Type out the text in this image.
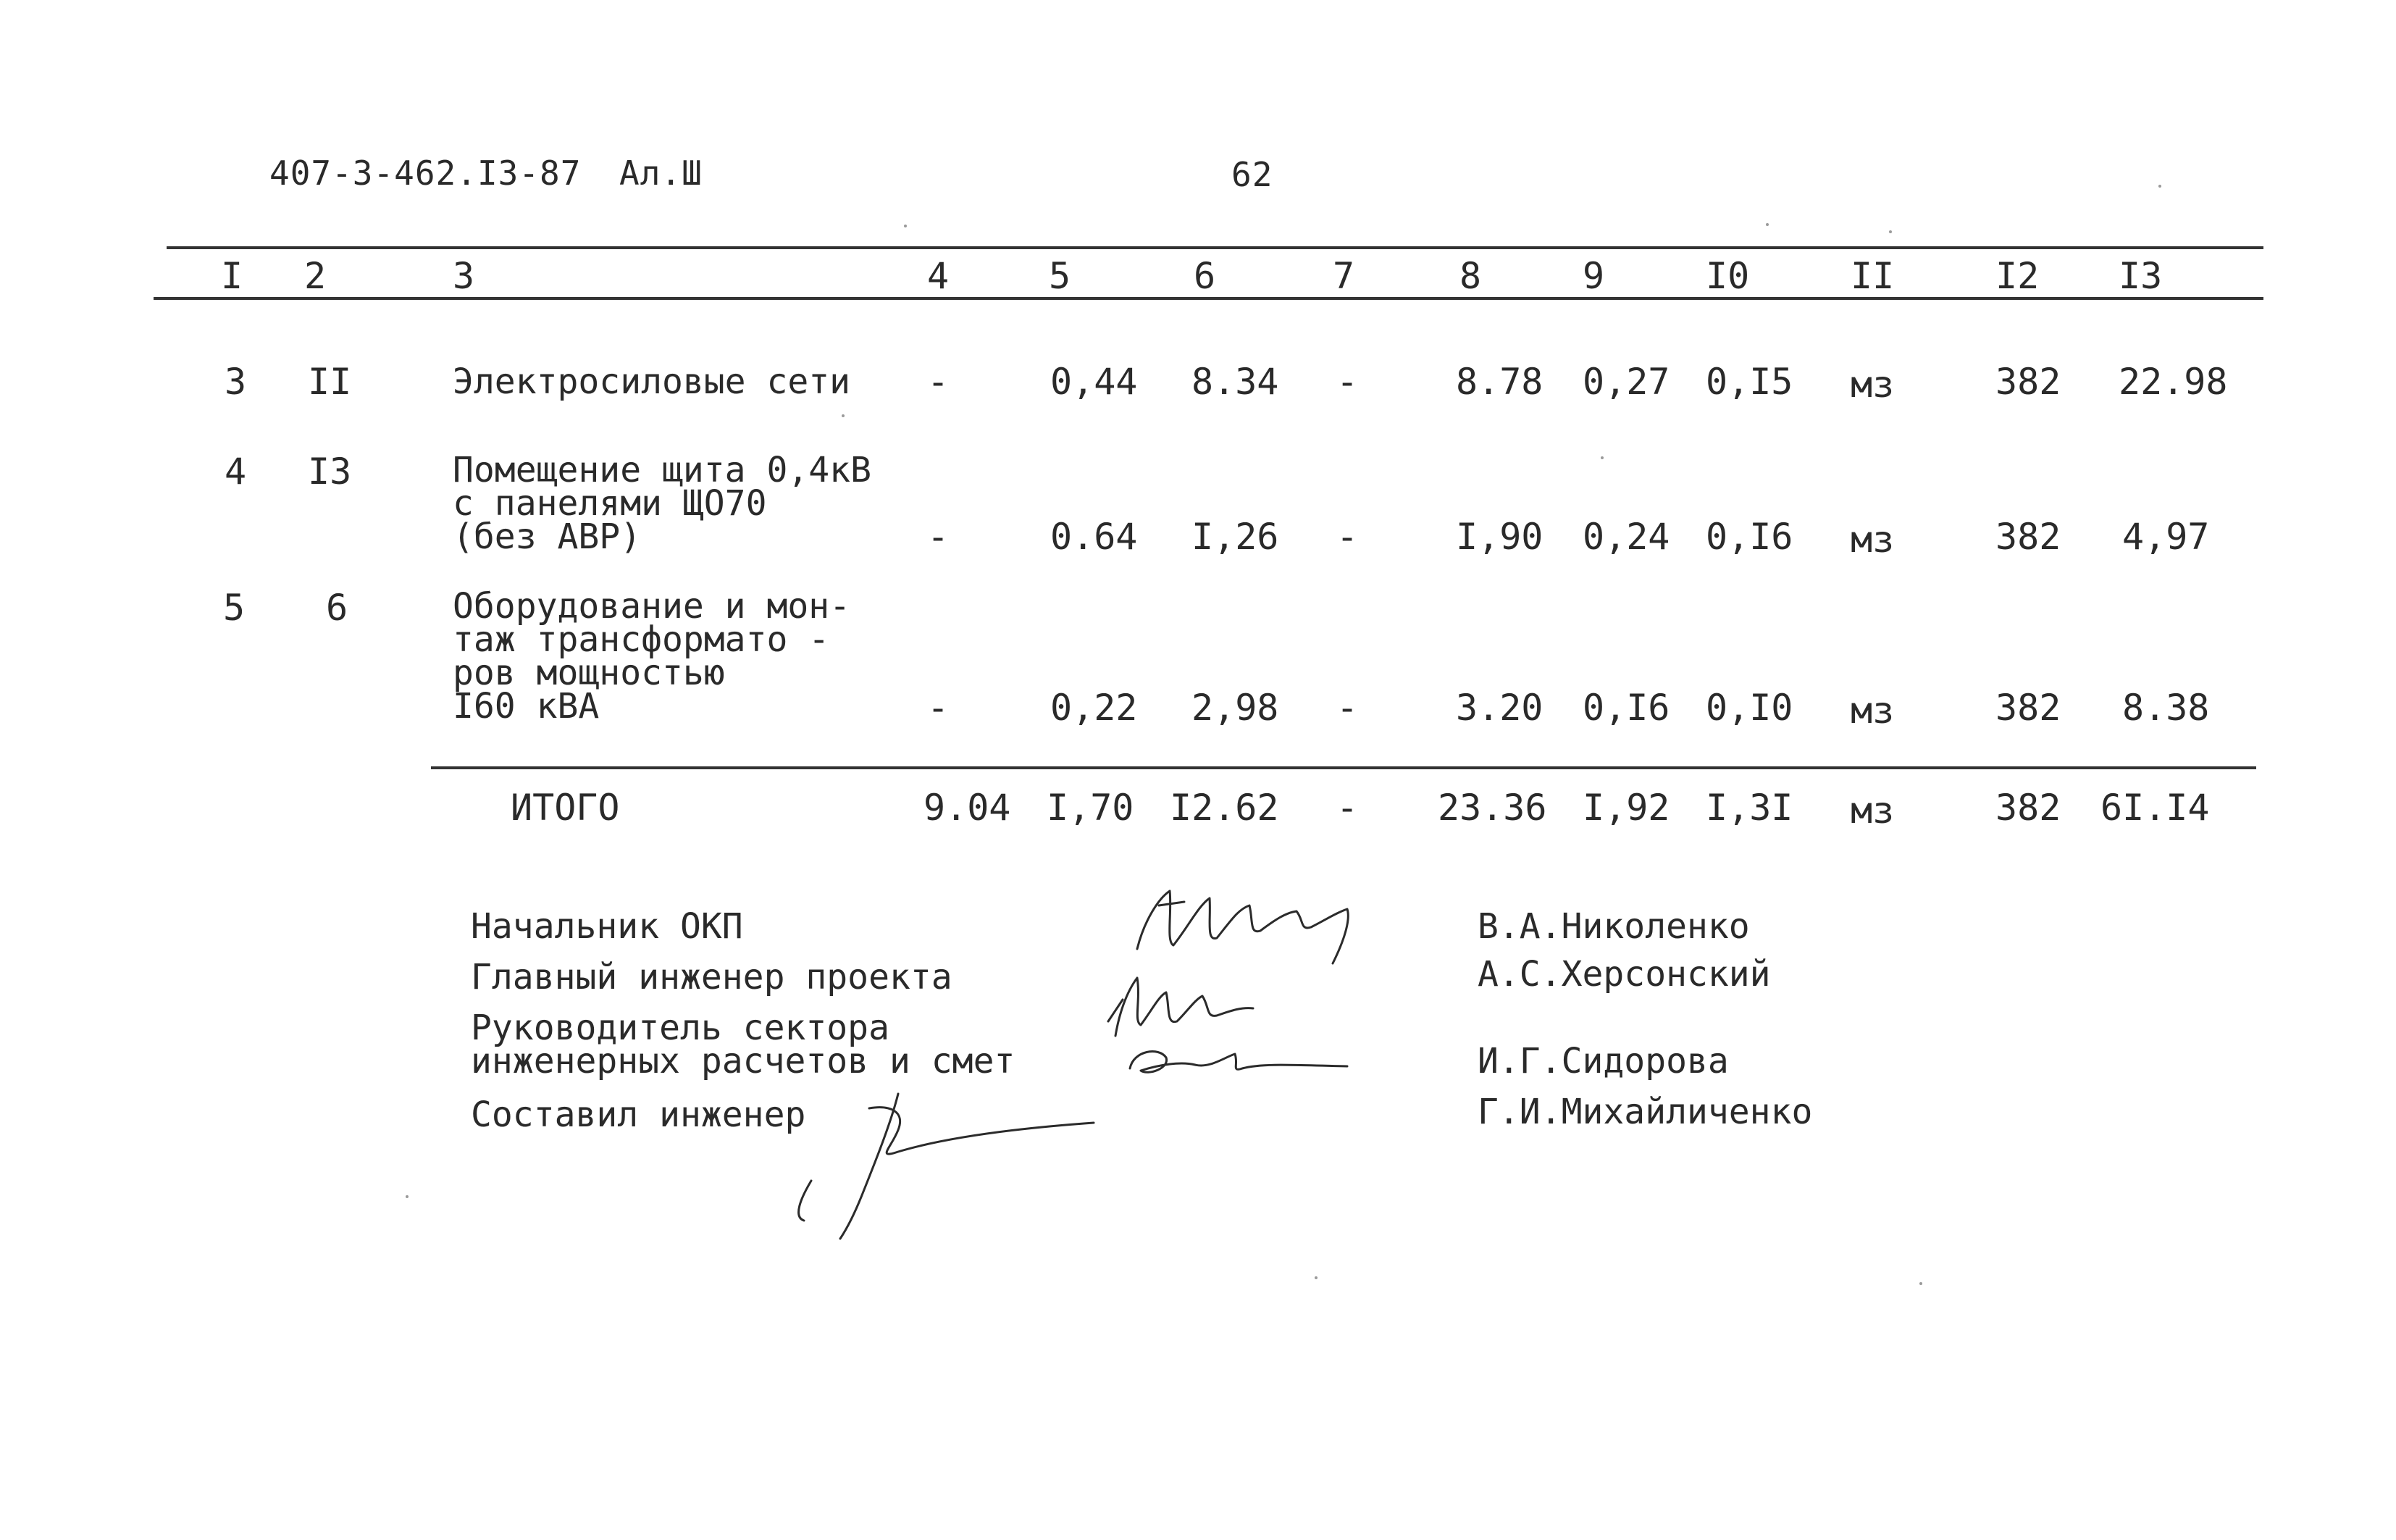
407-3-462.I3-87 Ал.Ш	62
I 2	3	4	5	6	7	8	9	I0	II	I2 I3
3 II	Электросиловые сети -	0,44 8.34 -	8.78 0,27 0,I5 мз	382 22.98
4 I3	Помещение щита 0,4кВ
с панелями ЩО70
(без АВР)	-	0.64 I,26 -	I,90 0,24 0,I6 мз	382 4,97
5 6	Оборудование и мон-
таж трансформато -
ров мощностью
I60 кВА	-	0,22 2,98 -	3.20 0,I6 0,I0 мз	382 8.38
ИТОГО	9.04 I,70 I2.62 - 23.36 I,92 I,3I мз	382 6I.I4
Начальник ОКП
Главный инженер проекта
Руководитель сектора
инженерных расчетов и смет
Составил инженер
В.А.Николенко
А.С.Херсонский
И.Г.Сидорова
Г.И.Михайличенко
